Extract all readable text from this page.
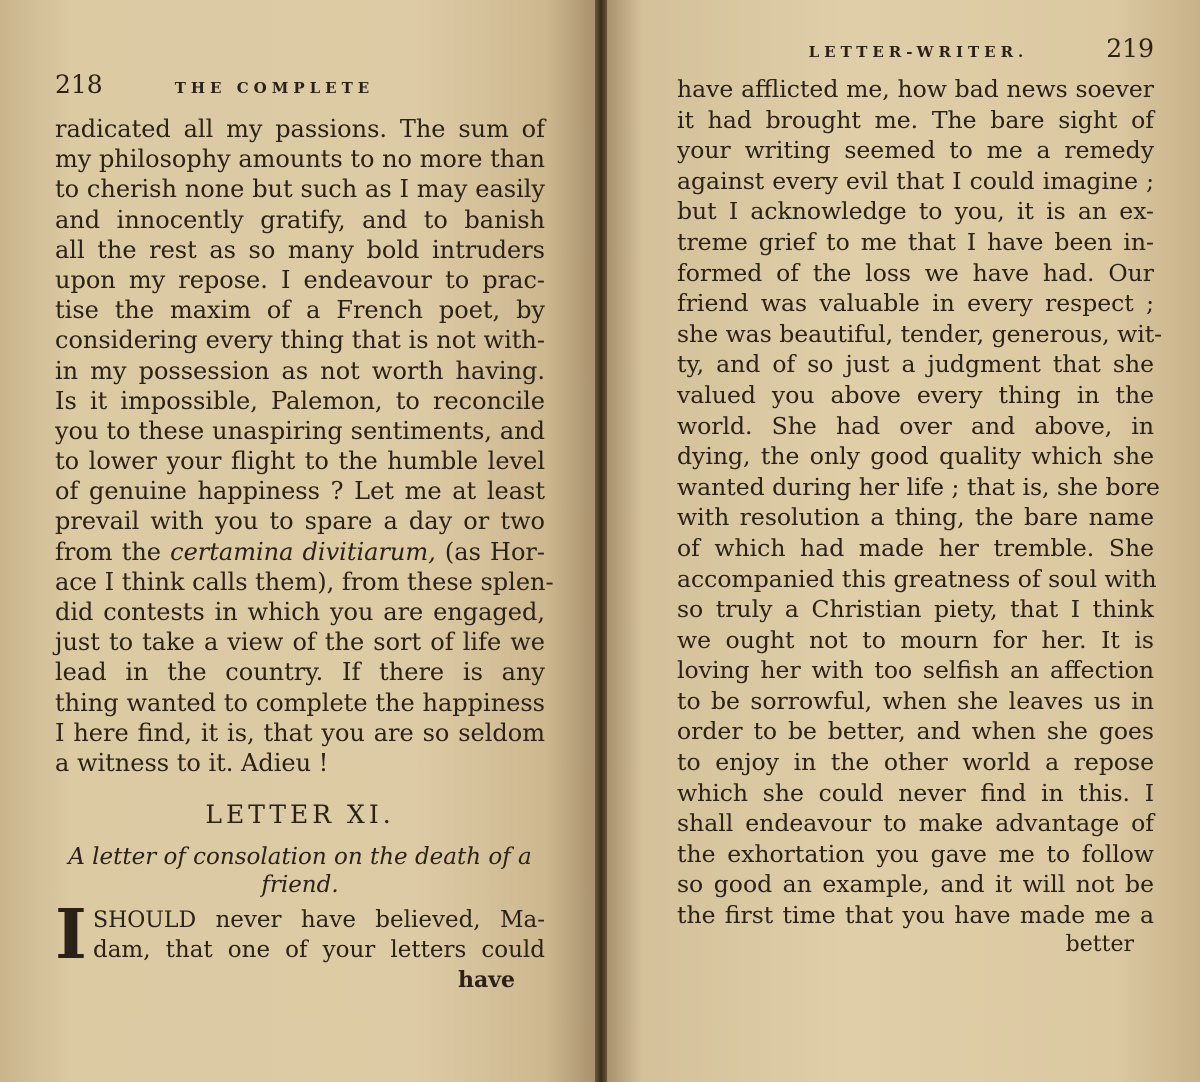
218	THE COMPLETE
radicated all my passions. The sum of
my philosophy amounts to no more than
to cherish none but such as I may easily
and innocently gratify, and to banish
all the rest as so many bold intruders
upon my repose. I endeavour to prac-
tise the maxim of a French poet, by
considering every thing that is not with-
in my possession as not worth having.
Is it impossible, Palemon, to reconcile
you to these unaspiring sentiments, and
to lower your flight to the humble level
of genuine happiness ? Let me at least
prevail with you to spare a day or two
from the certamina divitiarum, (as Hor-
ace I think calls them), from these splen-
did contests in which you are engaged,
just to take a view of the sort of life we
lead in the country. If there is any
thing wanted to complete the happiness
I here find, it is, that you are so seldom
a witness to it. Adieu !
LETTER XI.
A letter of consolation on the death of a
friend.
I SHOULD never have believed, Ma-
dam, that one of your letters could
have
LETTER-WRITER.	219
have afflicted me, how bad news soever
it had brought me. The bare sight of
your writing seemed to me a remedy
against every evil that I could imagine ;
but I acknowledge to you, it is an ex-
treme grief to me that I have been in-
formed of the loss we have had. Our
friend was valuable in every respect ;
she was beautiful, tender, generous, wit-
ty, and of so just a judgment that she
valued you above every thing in the
world. She had over and above, in
dying, the only good quality which she
wanted during her life ; that is, she bore
with resolution a thing, the bare name
of which had made her tremble. She
accompanied this greatness of soul with
so truly a Christian piety, that I think
we ought not to mourn for her. It is
loving her with too selfish an affection
to be sorrowful, when she leaves us in
order to be better, and when she goes
to enjoy in the other world a repose
which she could never find in this. I
shall endeavour to make advantage of
the exhortation you gave me to follow
so good an example, and it will not be
the first time that you have made me a
better
